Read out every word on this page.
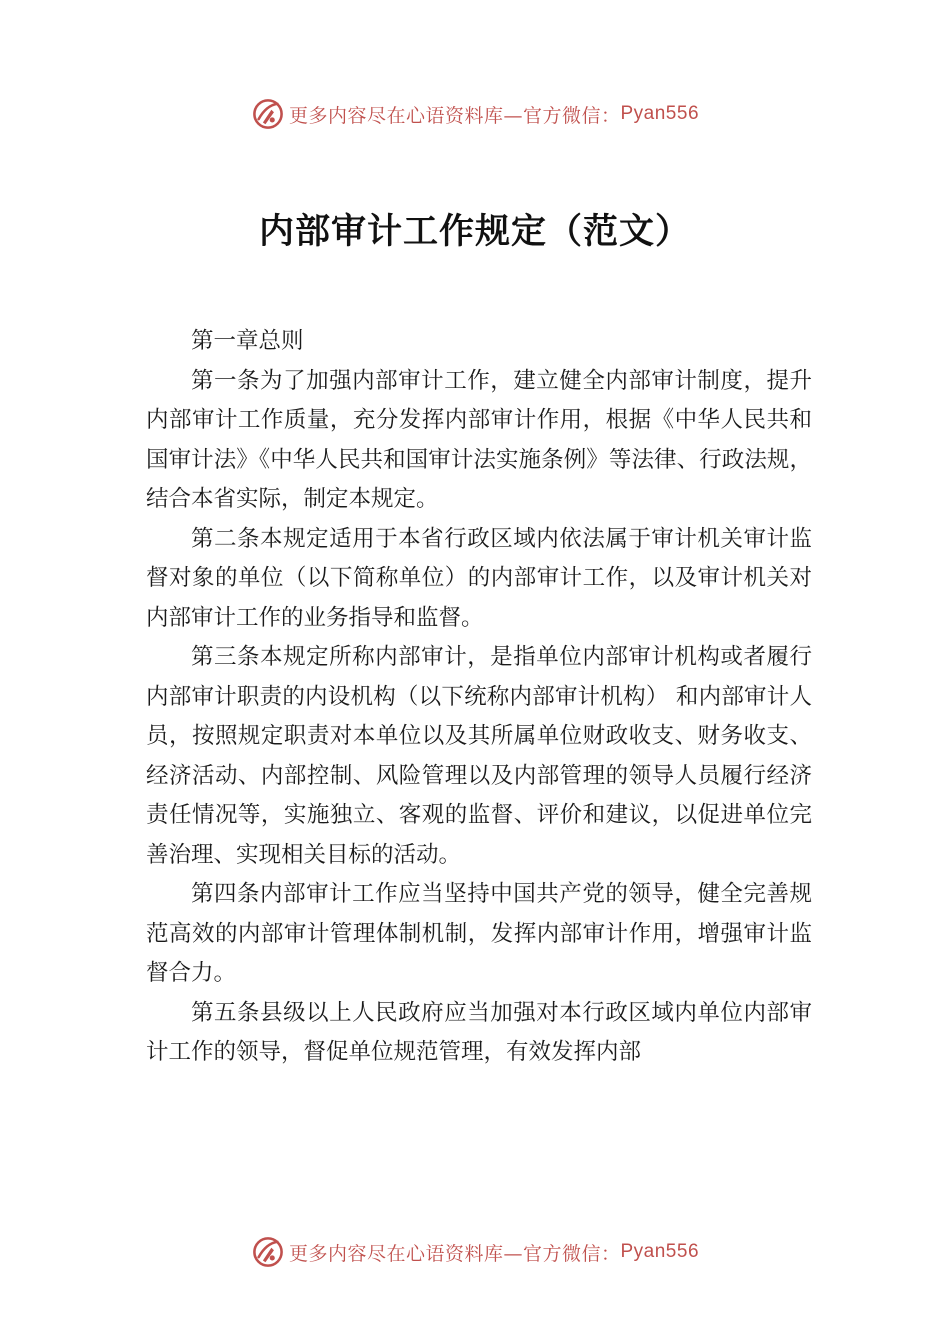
更多内容尽在心语资料库—官方微信： Pyan556
内部审计工作规定（范文）

第一章总则

第一条为了加强内部审计工作，建立健全内部审计制度，提升内部审计工作质量，充分发挥内部审计作用，根据《中华人民共和国审计法》《中华人民共和国审计法实施条例》等法律、行政法规，结合本省实际，制定本规定。

第二条本规定适用于本省行政区域内依法属于审计机关审计监督对象的单位（以下简称单位）的内部审计工作，以及审计机关对内部审计工作的业务指导和监督。

第三条本规定所称内部审计，是指单位内部审计机构或者履行内部审计职责的内设机构（以下统称内部审计机构） 和内部审计人员，按照规定职责对本单位以及其所属单位财政收支、财务收支、经济活动、内部控制、风险管理以及内部管理的领导人员履行经济责任情况等，实施独立、客观的监督、评价和建议，以促进单位完善治理、实现相关目标的活动。

第四条内部审计工作应当坚持中国共产党的领导，健全完善规范高效的内部审计管理体制机制，发挥内部审计作用，增强审计监督合力。

第五条县级以上人民政府应当加强对本行政区域内单位内部审计工作的领导，督促单位规范管理，有效发挥内部

更多内容尽在心语资料库—官方微信： Pyan556
